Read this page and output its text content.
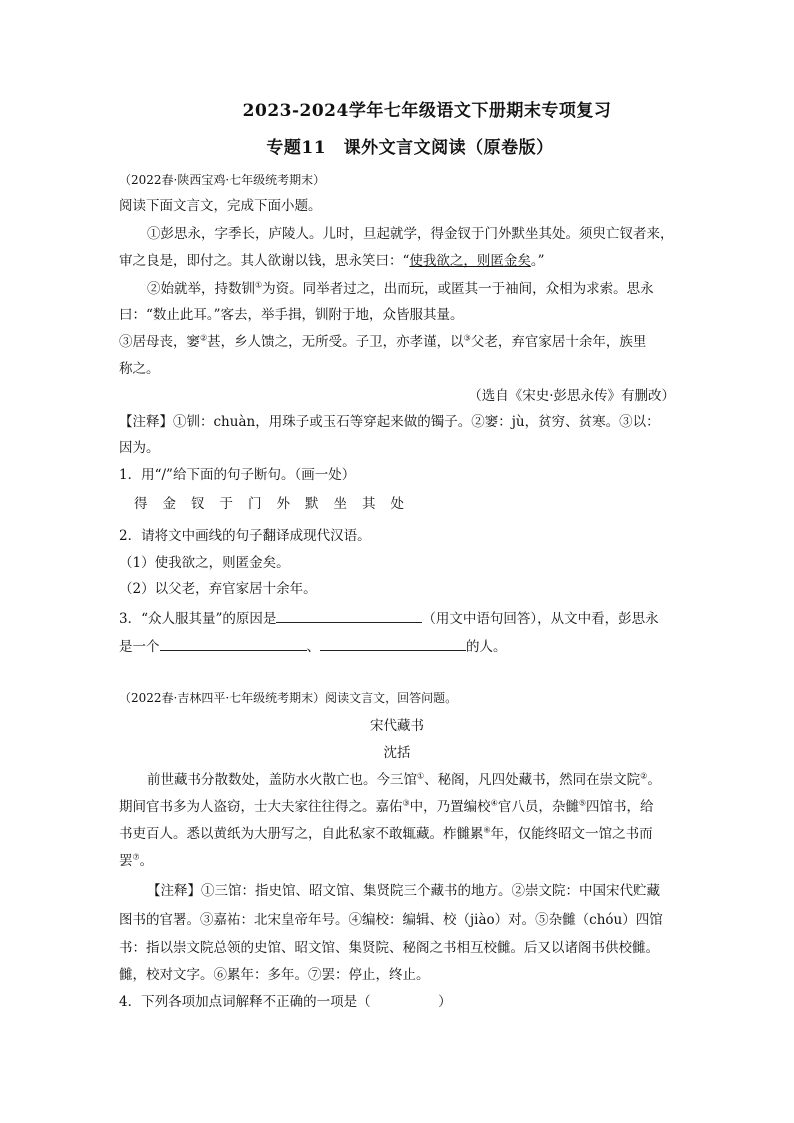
2023-2024学年七年级语文下册期末专项复习
专题11　课外文言文阅读（原卷版）
（2022春·陕西宝鸡·七年级统考期末）
阅读下面文言文，完成下面小题。
①彭思永，字季长，庐陵人。儿时，旦起就学，得金钗于门外默坐其处。须臾亡钗者来，
审之良是，即付之。其人欲谢以钱，思永笑曰：“使我欲之，则匿金矣。”
②始就举，持数钏①为资。同举者过之，出而玩，或匿其一于袖间，众相为求索。思永
曰：“数止此耳。”客去，举手揖，钏附于地，众皆服其量。
③居母丧，窭②甚，乡人馈之，无所受。子卫，亦孝谨，以③父老，弃官家居十余年，族里
称之。
（选自《宋史·彭思永传》有删改）
【注释】①钏：chuàn，用珠子或玉石等穿起来做的镯子。②窭：jù，贫穷、贫寒。③以：
因为。
1．用“/”给下面的句子断句。（画一处）
得金钗于门外默坐其处
2．请将文中画线的句子翻译成现代汉语。
（1）使我欲之，则匿金矣。
（2）以父老，弃官家居十余年。
3．“众人服其量”的原因是	（用文中语句回答），从文中看，彭思永
是一个	、	的人。
（2022春·吉林四平·七年级统考期末）阅读文言文，回答问题。
宋代藏书
沈括
前世藏书分散数处，盖防水火散亡也。今三馆①、秘阁，凡四处藏书，然同在崇文院②。
期间官书多为人盗窃，士大夫家往往得之。嘉佑③中，乃置编校④官八员，杂雠⑤四馆书，给
书吏百人。悉以黄纸为大册写之，自此私家不敢辄藏。柞雠累⑥年，仅能终昭文一馆之书而
罢⑦。
【注释】①三馆：指史馆、昭文馆、集贤院三个藏书的地方。②崇文院：中国宋代贮藏
图书的官署。③嘉祐：北宋皇帝年号。④编校：编辑、校（jiào）对。⑤杂雠（chóu）四馆
书：指以崇文院总领的史馆、昭文馆、集贤院、秘阁之书相互校雠。后又以诸阁书供校雠。
雠，校对文字。⑥累年：多年。⑦罢：停止，终止。
4．下列各项加点词解释不正确的一项是（　　　　　）
